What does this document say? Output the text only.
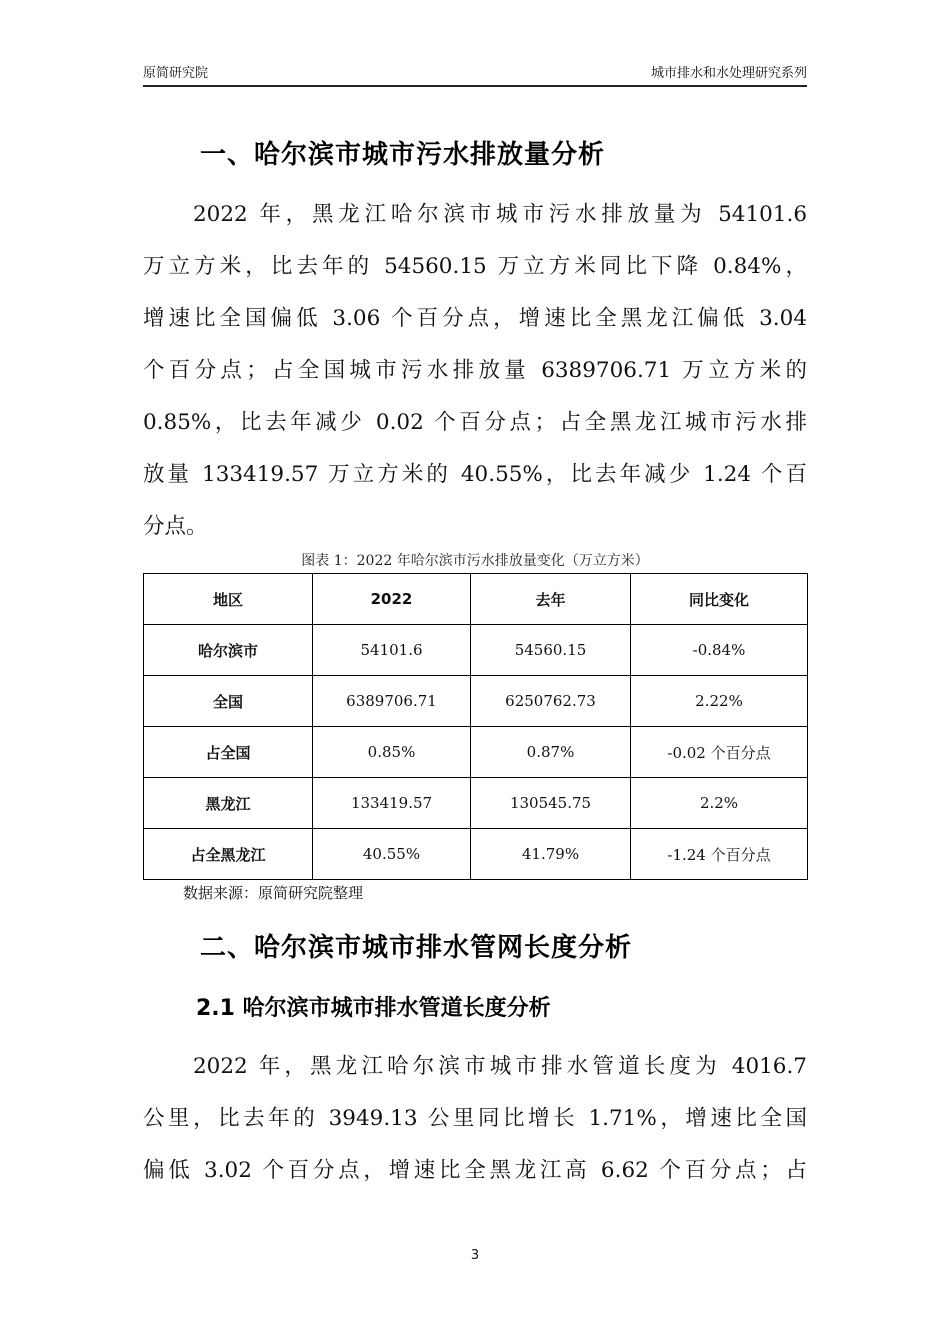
原简研究院	城市排水和水处理研究系列
一、哈尔滨市城市污水排放量分析
2022 年，黑龙江哈尔滨市城市污水排放量为 54101.6
万立方米，比去年的 54560.15 万立方米同比下降 0.84%，
增速比全国偏低 3.06 个百分点，增速比全黑龙江偏低 3.04
个百分点；占全国城市污水排放量 6389706.71 万立方米的
0.85%，比去年减少 0.02 个百分点；占全黑龙江城市污水排
放量 133419.57 万立方米的 40.55%，比去年减少 1.24 个百
分点。
图表 1：2022 年哈尔滨市污水排放量变化（万立方米）
地区	2022	去年	同比变化
哈尔滨市	54101.6	54560.15	-0.84%
全国	6389706.71	6250762.73	2.22%
占全国	0.85%	0.87%	-0.02 个百分点
黑龙江	133419.57	130545.75	2.2%
占全黑龙江	40.55%	41.79%	-1.24 个百分点
数据来源：原简研究院整理
二、哈尔滨市城市排水管网长度分析
2.1 哈尔滨市城市排水管道长度分析
2022 年，黑龙江哈尔滨市城市排水管道长度为 4016.7
公里，比去年的 3949.13 公里同比增长 1.71%，增速比全国
偏低 3.02 个百分点，增速比全黑龙江高 6.62 个百分点；占
3
